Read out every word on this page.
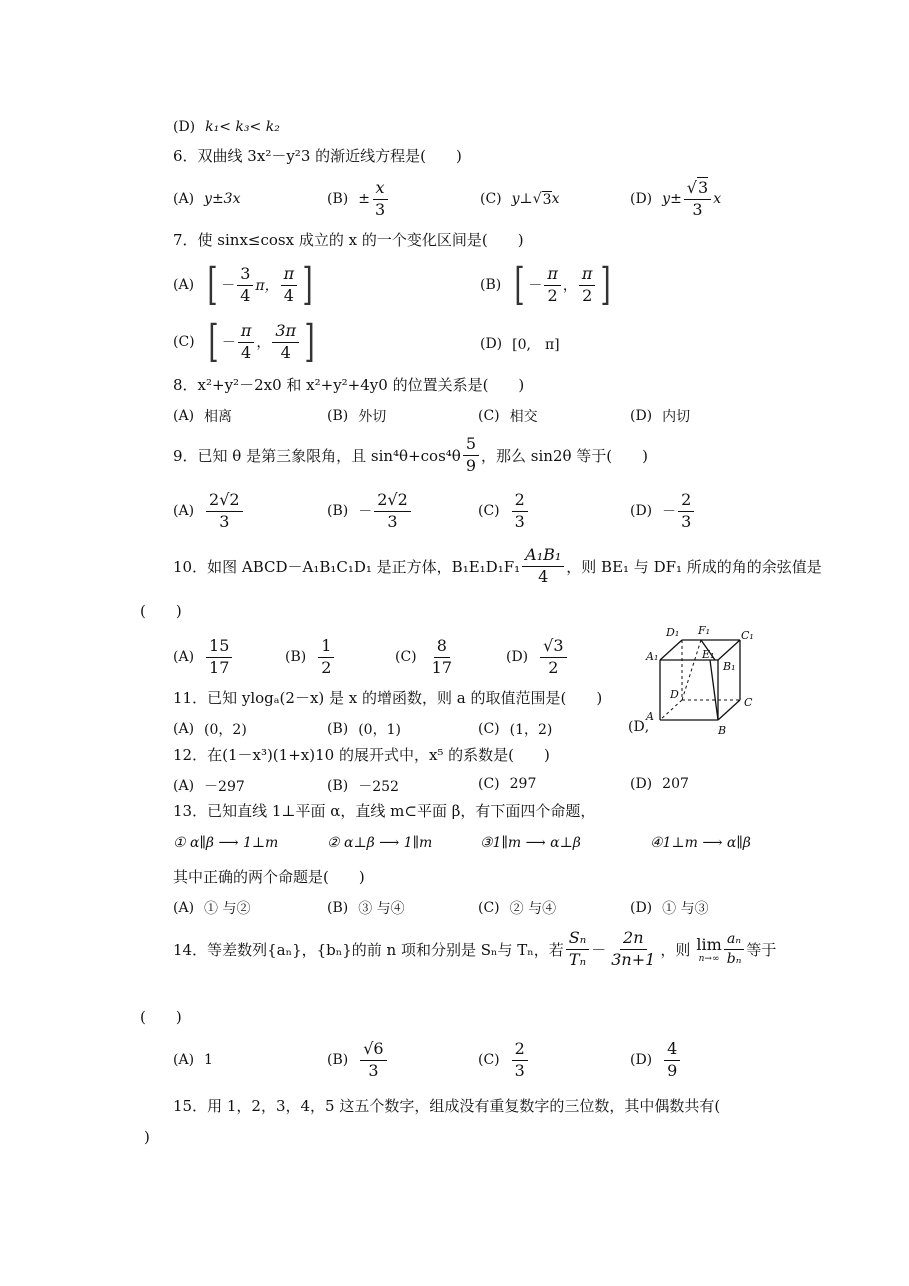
(D) k₁< k₃< k₂
6．双曲线 3x²－y²3 的渐近线方程是(　　)
(A) y±3x	$(B) \pm \frac{x}{3}$	(C) y⊥ √ 3 x	(D) $y\pm \frac{√3}{3}$ x
7．使 sinx≤cosx 成立的 x 的一个变化区间是(　　)
(A) [ － $\frac{3}{4}$ π， $\frac{\pi}{4}$ ]	(B) [ － $\frac{\pi}{2}$ ， $\frac{\pi}{2}$ ]
(C) [ － $\frac{\pi}{4}$ ， $\frac{3\pi}{4}$ ]	(D) [0,　π]
8．x²+y²－2x0 和 x²+y²+4y0 的位置关系是(　　)
(A) 相离	(B) 外切	(C) 相交	(D) 内切
9．已知 θ 是第三象限角，且 $\sin^4\theta+\cos^4\theta \frac{5}{9}$ ，那么 sin2θ 等于(　　)
$(A) \frac{2√2}{3}$	$(B) - \frac{2√2}{3}$	$(C) \frac{2}{3}$	$(D) - \frac{2}{3}$
10．如图 ABCD－A₁B₁C₁D₁ 是正方体，$B_1E_1D_1F_1 \frac{\text{A₁B₁}}{4}$ ，则 BE₁ 与 DF₁ 所成的角的余弦值是
(　　)
$(A) \frac{15}{17}$	$(B) \frac{1}{2}$	$(C) \frac{8}{17}$	$(D) \frac{√3}{2}$
D₁ F₁	C₁
A₁	E₁
B₁
D
C
A
B
11．已知 ylogₐ(2－x) 是 x 的增函数，则 a 的取值范围是(　　)
(A) (0，2)	(B) (0，1)	(C) (1，2)	(D ,
12．在(1－x³)(1+x)10 的展开式中，x⁵ 的系数是(　　)
(A) －297	(B) －252	(C) 297	(D) 207
13．已知直线 1⊥平面 α，直线 m⊂平面 β，有下面四个命题，
① α∥β ⟶ 1⊥m	② α⊥β ⟶ 1∥m	③1∥m ⟶ α⊥β	④1⊥m ⟶ α∥β
其中正确的两个命题是(　　)
(A) ① 与②	(B) ③ 与④	(C) ② 与④	(D) ① 与③
14．等差数列{aₙ}，{bₙ}的前 n 项和分别是 Sₙ与 Tₙ，若 $\frac{\text{Sₙ}}{\text{Tₙ}} - \frac{2n}{3n+1}$ ，则 lim
$n\to\infty \frac{\text{aₙ}}{\text{bₙ}}$ 等于
(　　)
(A) 1	$(B) \frac{√6}{3}$	$(C) \frac{2}{3}$	$(D) \frac{4}{9}$
15．用 1，2，3，4，5 这五个数字，组成没有重复数字的三位数，其中偶数共有(
)
